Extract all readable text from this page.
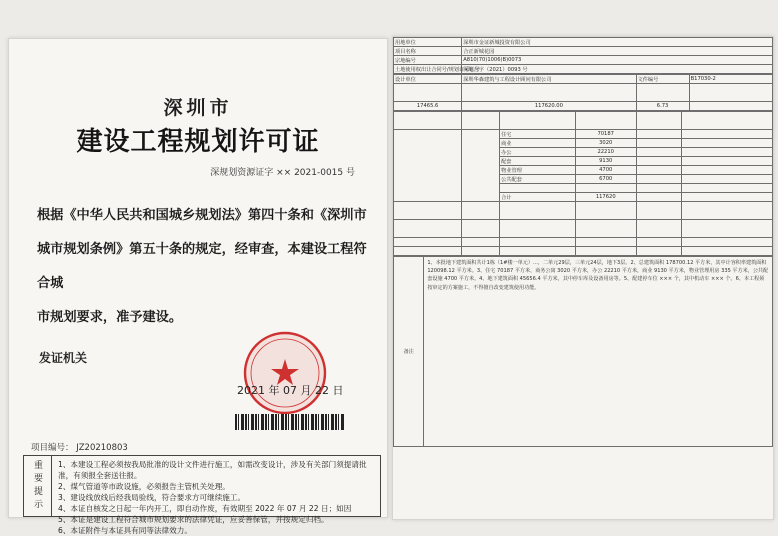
深圳市
建设工程规划许可证
深规划资源证字 ×× 2021-0015 号
根据《中华人民共和国城乡规划法》第四十条和《深圳市
城市规划条例》第五十条的规定，经审查，本建设工程符合城
市规划要求，准予建设。
发证机关
2021 年 07 月 22 日
项目编号： JZ20210803
重要提示	1、本建设工程必须按我局批准的设计文件进行施工，如需改变设计，涉及有关部门须提请批准，有须报全套送往报。
2、煤气管道等市政设施，必须报告主管机关处理。
3、建设线放线后经我局验线，符合要求方可继续施工。
4、本证自核发之日起一年内开工，即自动作废，有效期至 2022 年 07 月 22 日；如因
5、本证是建设工程符合城市规划要求的法律凭证，应妥善保管，并按规定归档。
6、本证附件与本证具有同等法律效力。
用地单位	深圳市金证新城投资有限公司
项目名称	合正新城花园
宗地编号	A810(70)1006(B)0073
土地使用权出让合同号/规划许可证号	深地合字（2021）0093 号
设计单位	深圳华森建筑与工程设计顾问有限公司	文件编号	B17030-2

17465.6	117620.00	6.73	

		住宅	70187		
		商业	3020		
		办公	22210		
		配套	9130		
		物业管理	4700		
		公共配套	6700		

		合计	117620		

备注	1、本批地下建筑面积共计1栋（1#楼一单元）...，二单元29层，三单元24层，地下3层。2、总建筑面积 178700.12 平方米，其中计容积率建筑面积 120098.12 平方米。3、住宅 70187 平方米，商务公寓 3020 平方米，办公 22210 平方米，商业 9130 平方米，物业管理用房 335 平方米，公共配套设施 4700 平方米。4、地下建筑面积 45656.4 平方米，其中停车库及设备用房等。5、配建停车位 ××× 个，其中机动车 ××× 个。6、本工程须按审定的方案施工，不得擅自改变建筑使用功能。
